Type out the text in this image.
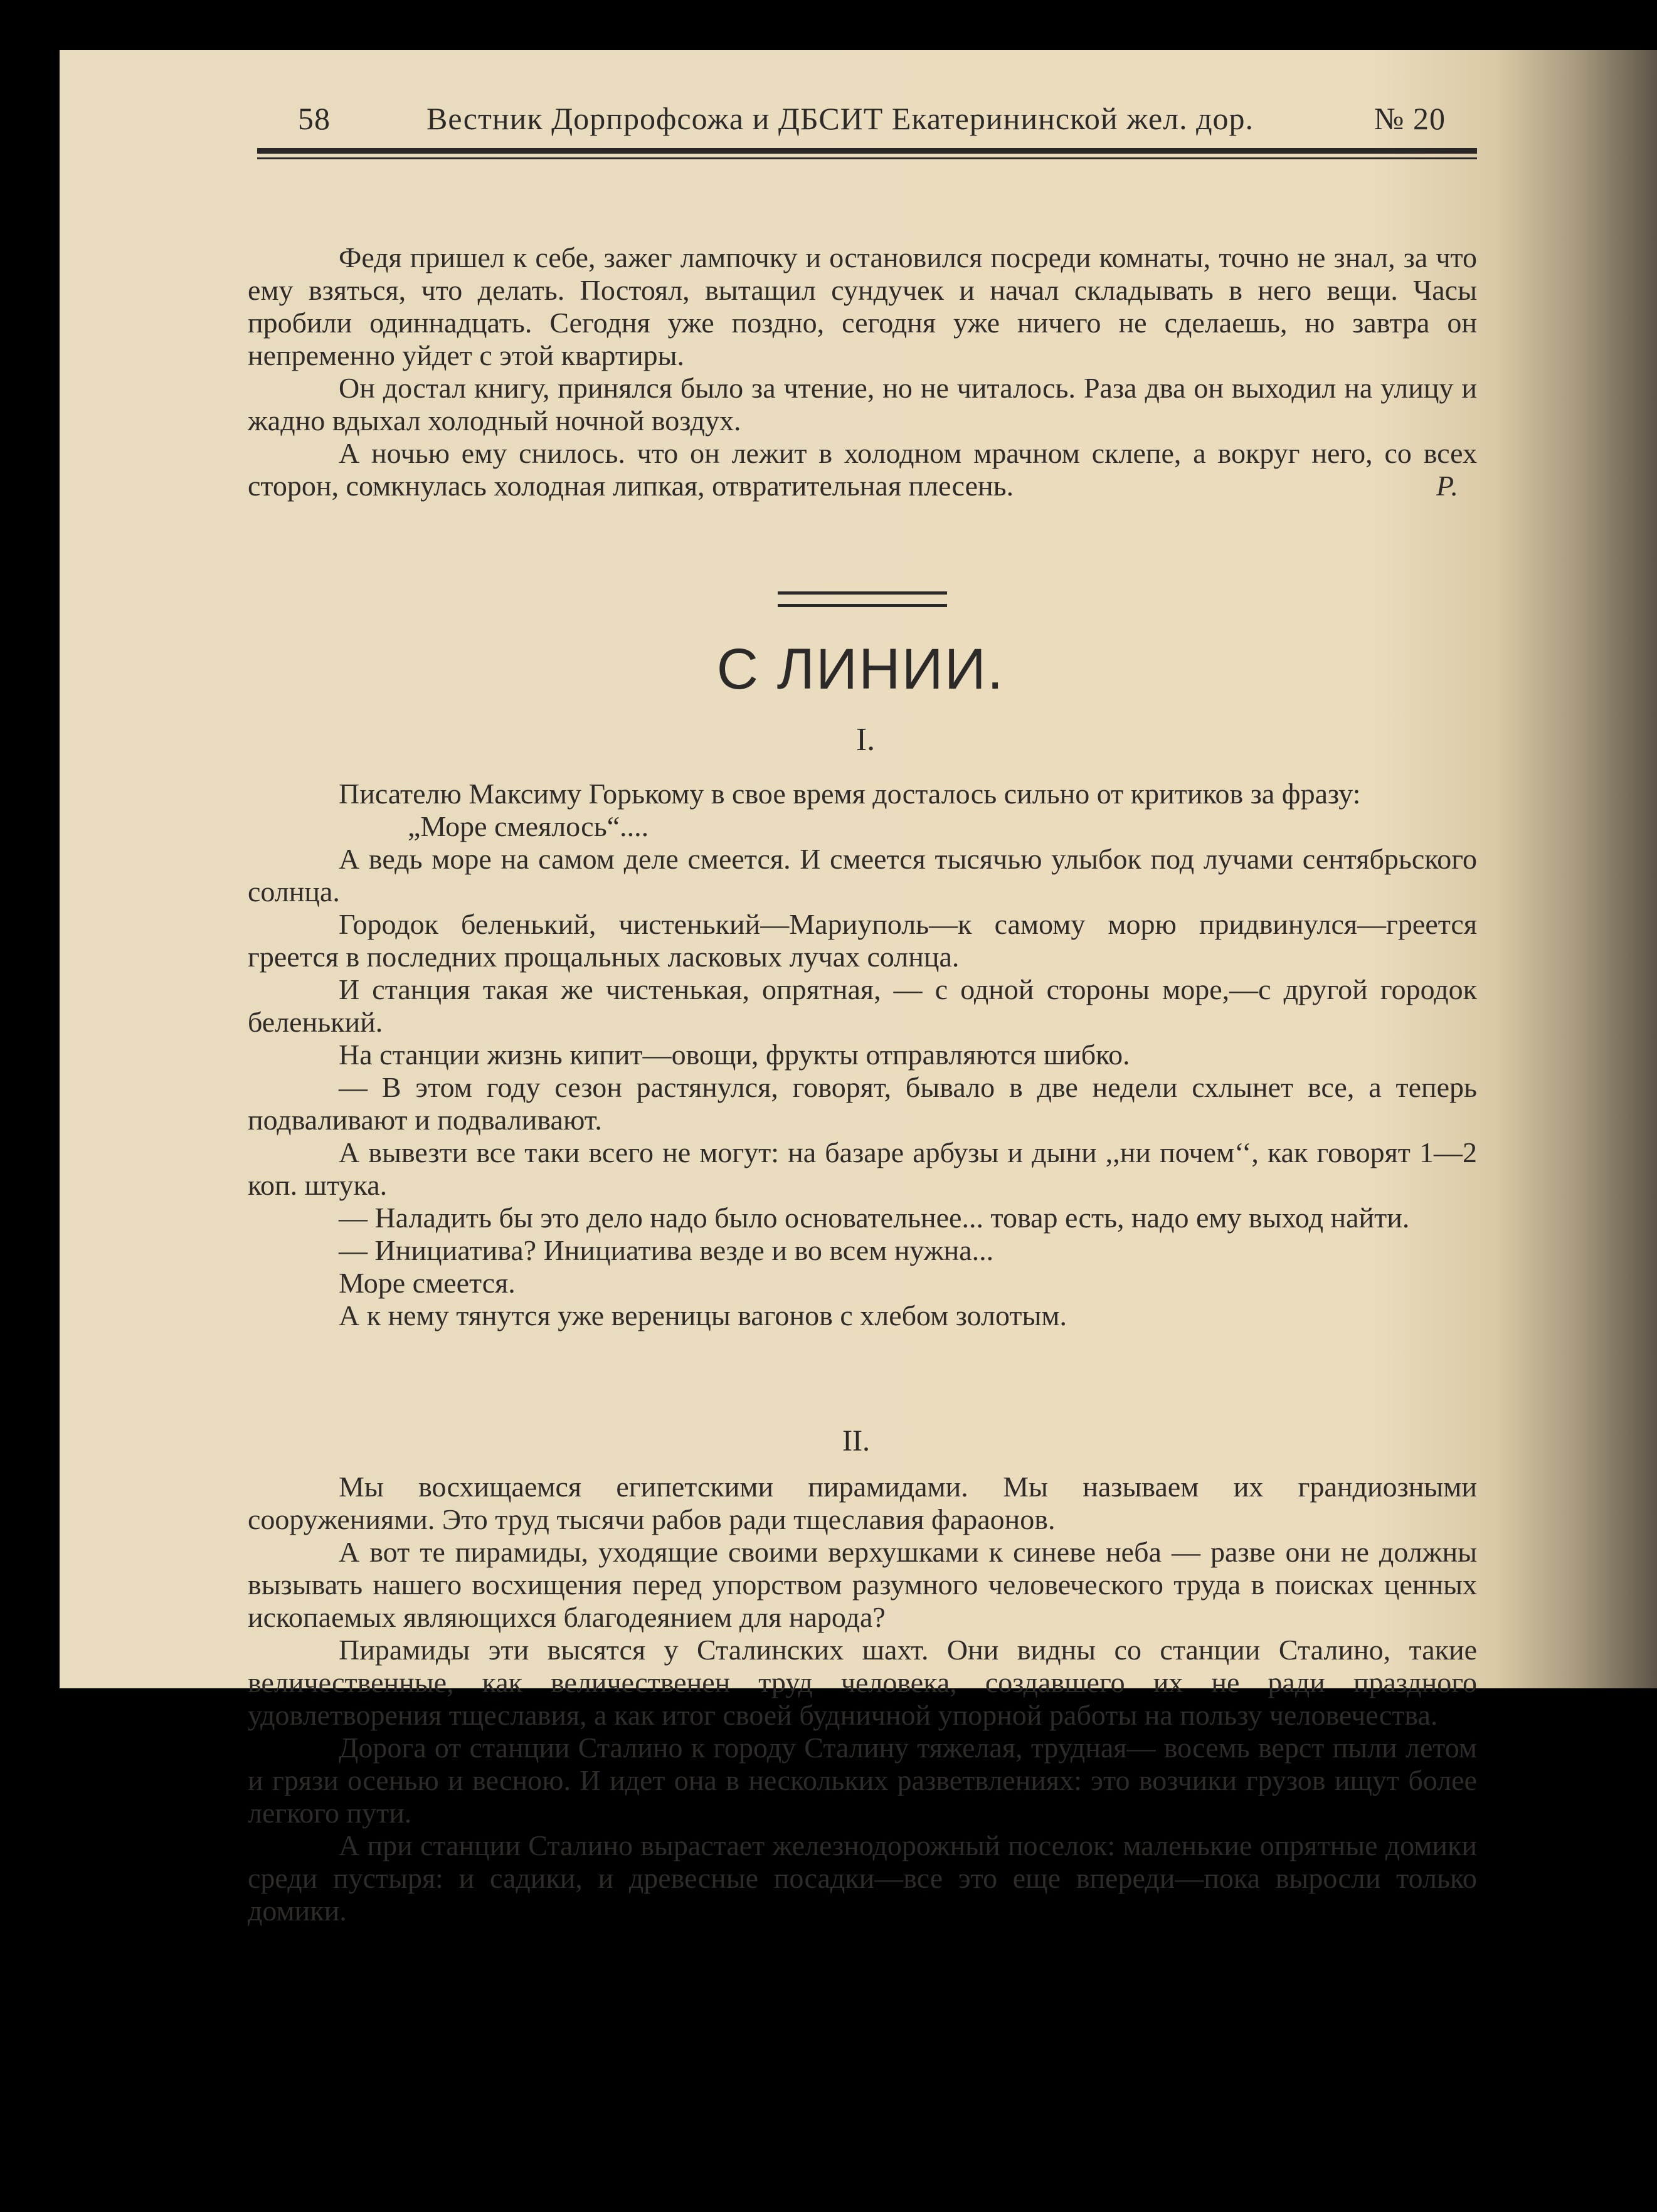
58	Вестник Дорпрофсожа и ДБСИТ Екатерининской жел. дор.	№ 20

Федя пришел к себе, зажег лампочку и остановился посреди комнаты, точно не знал, за что ему взяться, что делать. Постоял, вытащил сундучек и начал складывать в него вещи. Часы пробили одиннадцать. Сегодня уже поздно, сегодня уже ничего не сделаешь, но завтра он непременно уйдет с этой квартиры.

Он достал книгу, принялся было за чтение, но не читалось. Раза два он выходил на улицу и жадно вдыхал холодный ночной воздух.

А ночью ему снилось. что он лежит в холодном мрачном склепе, а вокруг него, со всех сторон, сомкнулась холодная липкая, отвратительная плесень.	Р.

С ЛИНИИ.
I.

Писателю Максиму Горькому в свое время досталось сильно от критиков за фразу:

„Море смеялось“....

А ведь море на самом деле смеется. И смеется тысячью улыбок под лучами сентябрьского солнца.

Городок беленький, чистенький—Мариуполь—к самому морю придвинулся—греется греется в последних прощальных ласковых лучах солнца.

И станция такая же чистенькая, опрятная, — с одной стороны море,—с другой городок беленький.

На станции жизнь кипит—овощи, фрукты отправляются шибко.

— В этом году сезон растянулся, говорят, бывало в две недели схлынет все, а теперь подваливают и подваливают.

А вывезти все таки всего не могут: на базаре арбузы и дыни ,,ни почем‘‘, как говорят 1—2 коп. штука.

— Наладить бы это дело надо было основательнее... товар есть, надо ему выход найти.

— Инициатива? Инициатива везде и во всем нужна...

Море смеется.

А к нему тянутся уже вереницы вагонов с хлебом золотым.

II.

Мы восхищаемся египетскими пирамидами. Мы называем их грандиозными сооружениями. Это труд тысячи рабов ради тщеславия фараонов.

А вот те пирамиды, уходящие своими верхушками к синеве неба — разве они не должны вызывать нашего восхищения перед упорством разумного человеческого труда в поисках ценных ископаемых являющихся благодеянием для народа?

Пирамиды эти высятся у Сталинских шахт. Они видны со станции Сталино, такие величественные, как величественен труд человека, создавшего их не ради праздного удовлетворения тщеславия, а как итог своей будничной упорной работы на пользу человечества.

Дорога от станции Сталино к городу Сталину тяжелая, трудная— восемь верст пыли летом и грязи осенью и весною. И идет она в нескольких разветвлениях: это возчики грузов ищут более легкого пути.

А при станции Сталино вырастает железнодорожный поселок: маленькие опрятные домики среди пустыря: и садики, и древесные посадки—все это еще впереди—пока выросли только домики.
